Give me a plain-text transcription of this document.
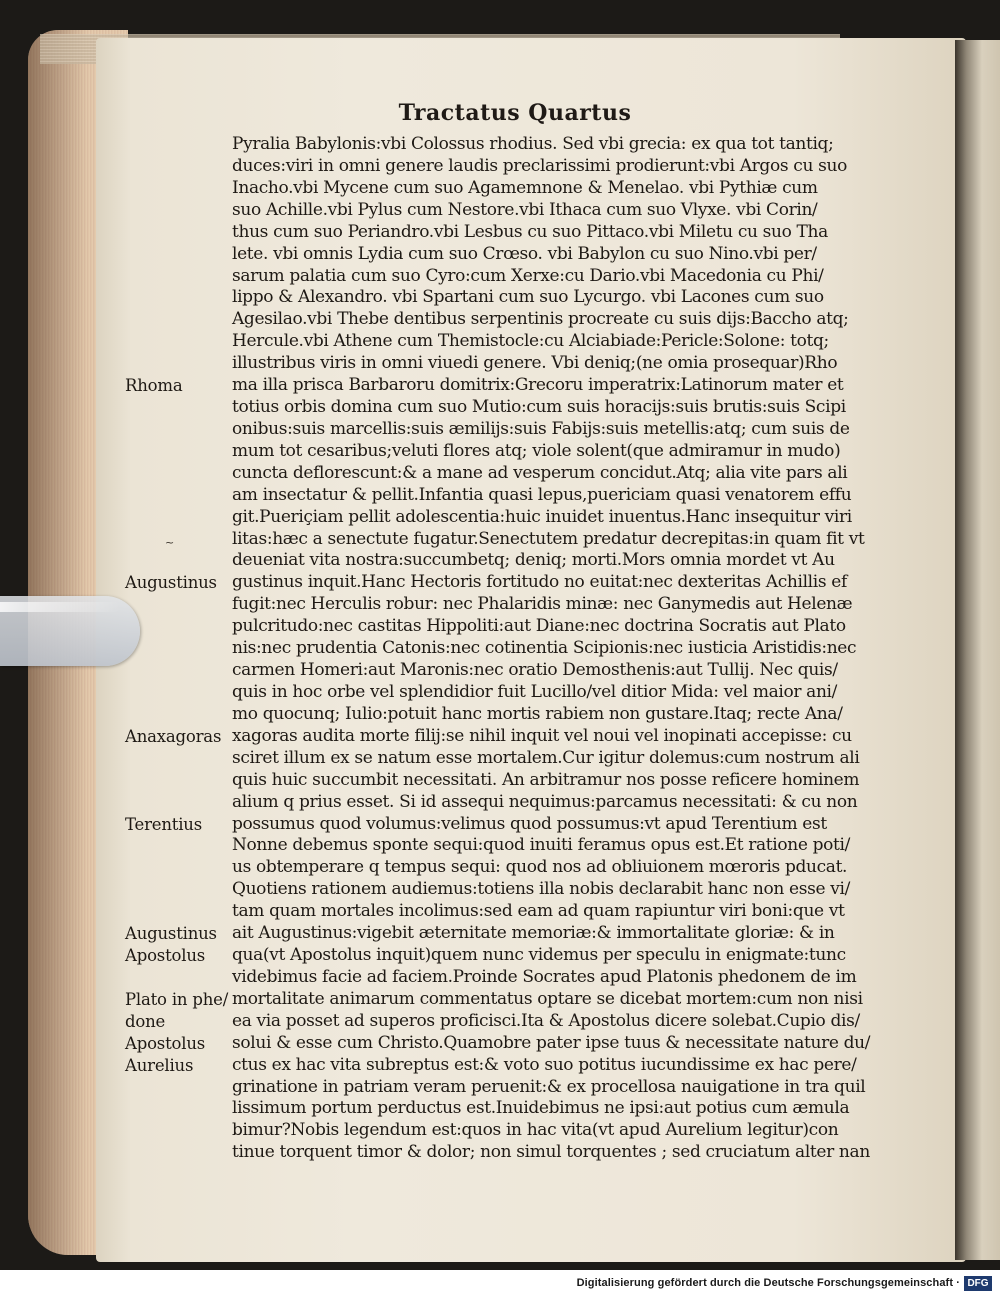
Tractatus Quartus
Pyralia Babylonis:vbi Colossus rhodius. Sed vbi grecia: ex qua tot tantiq;
duces:viri in omni genere laudis preclarissimi prodierunt:vbi Argos cu suo
Inacho.vbi Mycene cum suo Agamemnone & Menelao. vbi Pythiæ cum
suo Achille.vbi Pylus cum Nestore.vbi Ithaca cum suo Vlyxe. vbi Corin/
thus cum suo Periandro.vbi Lesbus cu suo Pittaco.vbi Miletu cu suo Tha
lete. vbi omnis Lydia cum suo Crœso. vbi Babylon cu suo Nino.vbi per/
sarum palatia cum suo Cyro:cum Xerxe:cu Dario.vbi Macedonia cu Phi/
lippo & Alexandro. vbi Spartani cum suo Lycurgo. vbi Lacones cum suo
Agesilao.vbi Thebe dentibus serpentinis procreate cu suis dijs:Baccho atq;
Hercule.vbi Athene cum Themistocle:cu Alciabiade:Pericle:Solone: totq;
illustribus viris in omni viuedi genere. Vbi deniq;(ne omia prosequar)Rho
ma illa prisca Barbaroru domitrix:Grecoru imperatrix:Latinorum mater et
totius orbis domina cum suo Mutio:cum suis horacijs:suis brutis:suis Scipi
onibus:suis marcellis:suis æmilijs:suis Fabijs:suis metellis:atq; cum suis de
mum tot cesaribus;veluti flores atq; viole solent(que admiramur in mudo)
cuncta deflorescunt:& a mane ad vesperum concidut.Atq; alia vite pars ali
am insectatur & pellit.Infantia quasi lepus,puericiam quasi venatorem effu
git.Pueriçiam pellit adolescentia:huic inuidet inuentus.Hanc insequitur viri
litas:hæc a senectute fugatur.Senectutem predatur decrepitas:in quam fit vt
deueniat vita nostra:succumbetq; deniq; morti.Mors omnia mordet vt Au
gustinus inquit.Hanc Hectoris fortitudo no euitat:nec dexteritas Achillis ef
fugit:nec Herculis robur: nec Phalaridis minæ: nec Ganymedis aut Helenæ
pulcritudo:nec castitas Hippoliti:aut Diane:nec doctrina Socratis aut Plato
nis:nec prudentia Catonis:nec cotinentia Scipionis:nec iusticia Aristidis:nec
carmen Homeri:aut Maronis:nec oratio Demosthenis:aut Tullij. Nec quis/
quis in hoc orbe vel splendidior fuit Lucillo/vel ditior Mida: vel maior ani/
mo quocunq; Iulio:potuit hanc mortis rabiem non gustare.Itaq; recte Ana/
xagoras audita morte filij:se nihil inquit vel noui vel inopinati accepisse: cu
sciret illum ex se natum esse mortalem.Cur igitur dolemus:cum nostrum ali
quis huic succumbit necessitati. An arbitramur nos posse reficere hominem
alium q prius esset. Si id assequi nequimus:parcamus necessitati: & cu non
possumus quod volumus:velimus quod possumus:vt apud Terentium est
Nonne debemus sponte sequi:quod inuiti feramus opus est.Et ratione poti/
us obtemperare q tempus sequi: quod nos ad obliuionem mœroris pducat.
Quotiens rationem audiemus:totiens illa nobis declarabit hanc non esse vi/
tam quam mortales incolimus:sed eam ad quam rapiuntur viri boni:que vt
ait Augustinus:vigebit æternitate memoriæ:& immortalitate gloriæ: & in
qua(vt Apostolus inquit)quem nunc videmus per speculu in enigmate:tunc
videbimus facie ad faciem.Proinde Socrates apud Platonis phedonem de im
mortalitate animarum commentatus optare se dicebat mortem:cum non nisi
ea via posset ad superos proficisci.Ita & Apostolus dicere solebat.Cupio dis/
solui & esse cum Christo.Quamobre pater ipse tuus & necessitate nature du/
ctus ex hac vita subreptus est:& voto suo potitus iucundissime ex hac pere/
grinatione in patriam veram peruenit:& ex procellosa nauigatione in tra quil
lissimum portum perductus est.Inuidebimus ne ipsi:aut potius cum æmula
bimur?Nobis legendum est:quos in hac vita(vt apud Aurelium legitur)con
tinue torquent timor & dolor; non simul torquentes ; sed cruciatum alter nan
Rhoma
Augustinus
Anaxagoras
Terentius
Augustinus
Apostolus
Plato in phe/
done
Apostolus
Aurelius
~
Digitalisierung gefördert durch die Deutsche Forschungsgemeinschaft · DFG
